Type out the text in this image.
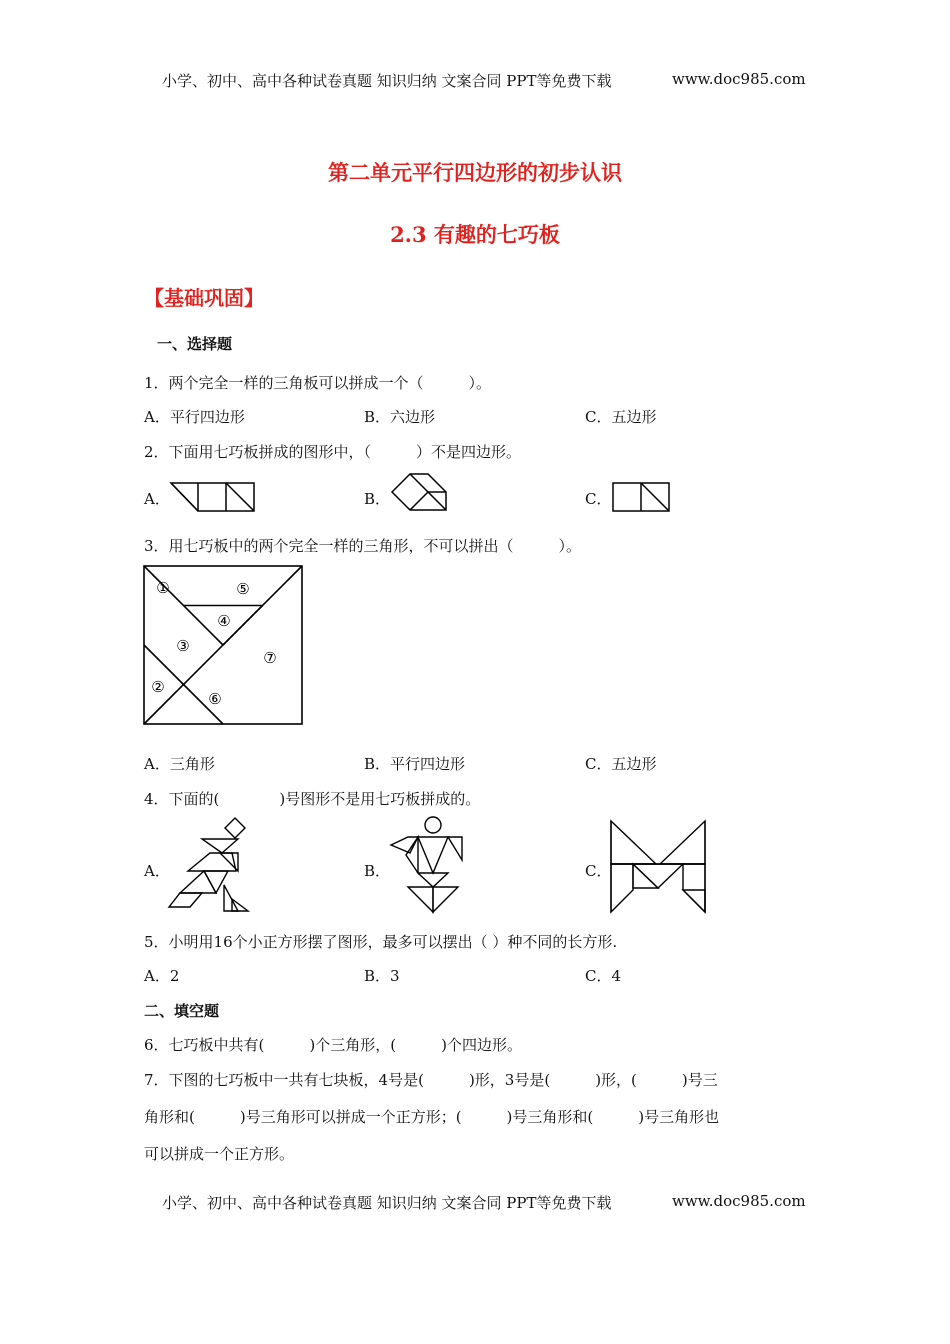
小学、初中、高中各种试卷真题 知识归纳 文案合同 PPT等免费下载	www.doc985.com
第二单元平行四边形的初步认识
2.3 有趣的七巧板
【基础巩固】
一、选择题
1．两个完全一样的三角板可以拼成一个（　　　）。
A．平行四边形	B．六边形	C．五边形
2．下面用七巧板拼成的图形中，（　　　）不是四边形。
A．	B．	C．
3．用七巧板中的两个完全一样的三角形，不可以拼出（　　　）。
①
②
③
④
⑤
⑥
⑦
A．三角形	B．平行四边形	C．五边形
4．下面的(　　　　)号图形不是用七巧板拼成的。
A．	B．	C．
5．小明用16个小正方形摆了图形，最多可以摆出（ ）种不同的长方形.
A．2	B．3	C．4
二、填空题
6．七巧板中共有(　　　)个三角形，(　　　)个四边形。
7．下图的七巧板中一共有七块板，4号是(　　　)形，3号是(　　　)形，(　　　)号三
角形和(　　　)号三角形可以拼成一个正方形；(　　　)号三角形和(　　　)号三角形也
可以拼成一个正方形。
小学、初中、高中各种试卷真题 知识归纳 文案合同 PPT等免费下载	www.doc985.com
